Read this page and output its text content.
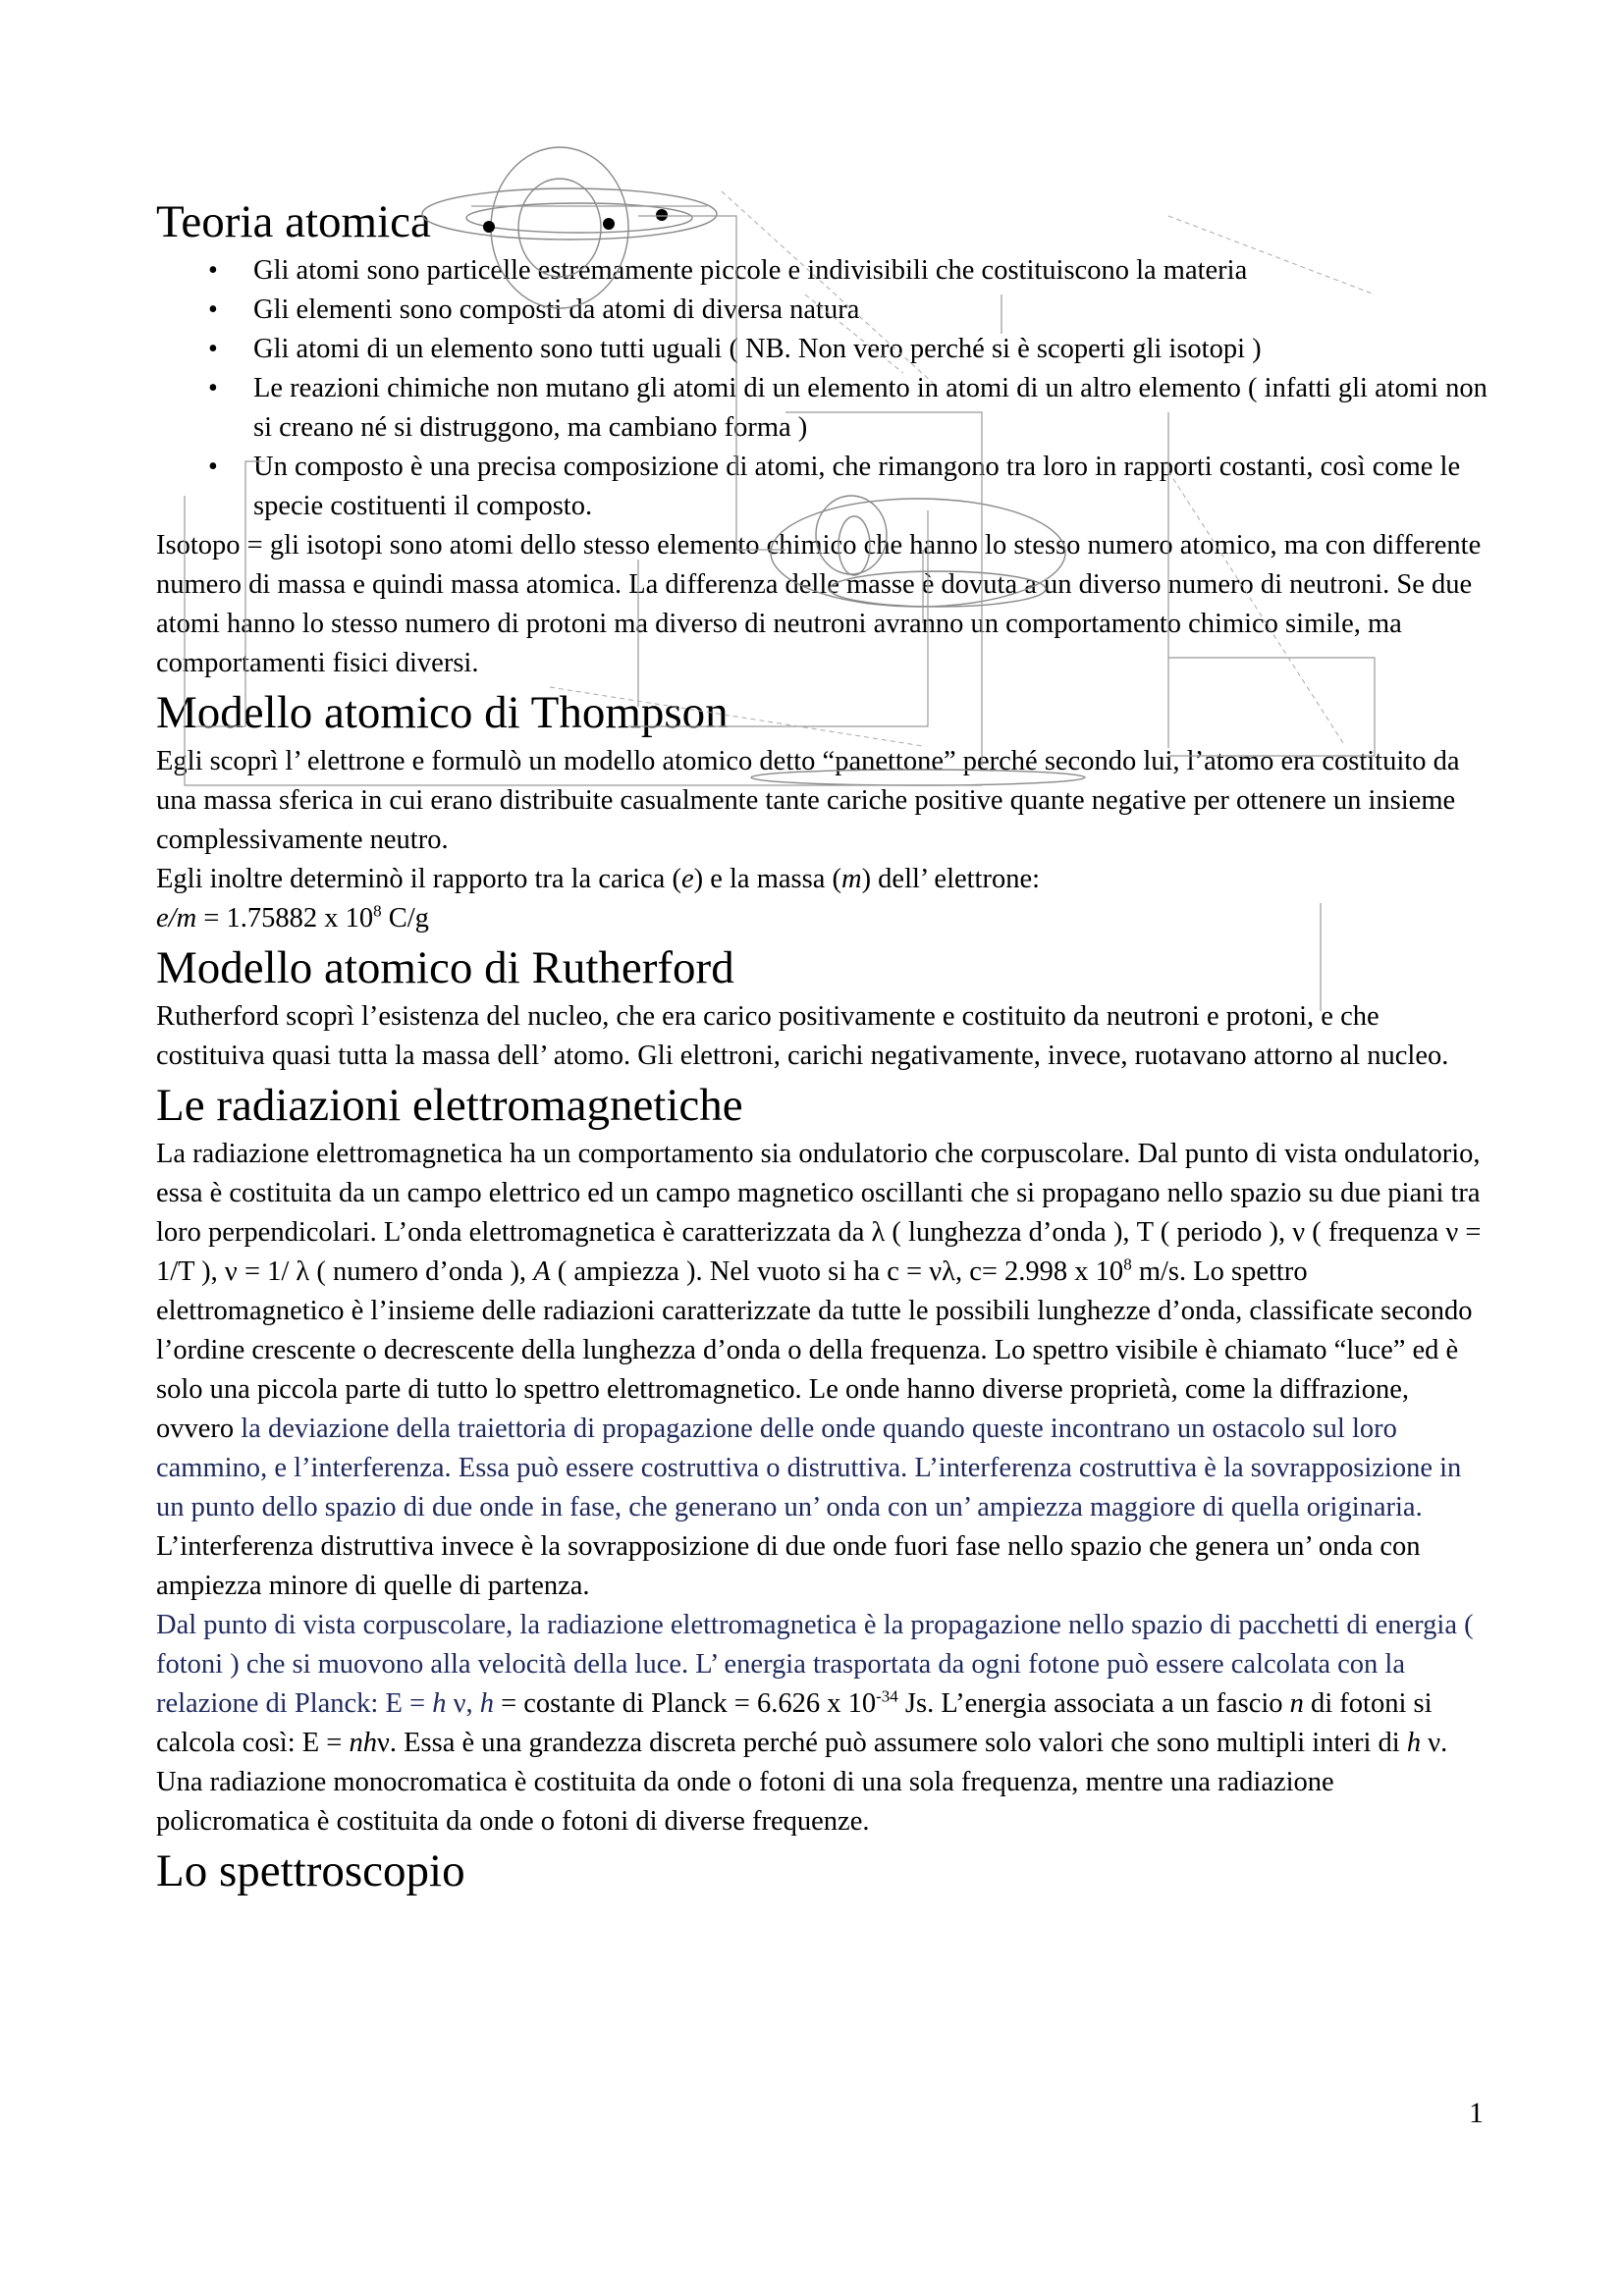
Teoria atomica
• Gli atomi sono particelle estremamente piccole e indivisibili che costituiscono la materia
• Gli elementi sono composti da atomi di diversa natura
• Gli atomi di un elemento sono tutti uguali ( NB. Non vero perché si è scoperti gli isotopi )
• Le reazioni chimiche non mutano gli atomi di un elemento in atomi di un altro elemento ( infatti gli atomi non si creano né si distruggono, ma cambiano forma )
• Un composto è una precisa composizione di atomi, che rimangono tra loro in rapporti costanti, così come le specie costituenti il composto.

Isotopo = gli isotopi sono atomi dello stesso elemento chimico che hanno lo stesso numero atomico, ma con differente numero di massa e quindi massa atomica. La differenza delle masse è dovuta a un diverso numero di neutroni. Se due atomi hanno lo stesso numero di protoni ma diverso di neutroni avranno un comportamento chimico simile, ma comportamenti fisici diversi.

Modello atomico di Thompson

Egli scoprì l’ elettrone e formulò un modello atomico detto “panettone” perché secondo lui, l’atomo era costituito da una massa sferica in cui erano distribuite casualmente tante cariche positive quante negative per ottenere un insieme complessivamente neutro.

Egli inoltre determinò il rapporto tra la carica (e) e la massa (m) dell’ elettrone:

e/m = 1.75882 x $10^8$ C/g

Modello atomico di Rutherford

Rutherford scoprì l’esistenza del nucleo, che era carico positivamente e costituito da neutroni e protoni, e che costituiva quasi tutta la massa dell’ atomo. Gli elettroni, carichi negativamente, invece, ruotavano attorno al nucleo.

Le radiazioni elettromagnetiche

La radiazione elettromagnetica ha un comportamento sia ondulatorio che corpuscolare. Dal punto di vista ondulatorio, essa è costituita da un campo elettrico ed un campo magnetico oscillanti che si propagano nello spazio su due piani tra loro perpendicolari. L’onda elettromagnetica è caratterizzata da λ ( lunghezza d’onda ), T ( periodo ), ν ( frequenza ν = 1/T ), ν = 1/ λ ( numero d’onda ), A ( ampiezza ). Nel vuoto si ha c = νλ, c= 2.998 x $10^8$ m/s. Lo spettro elettromagnetico è l’insieme delle radiazioni caratterizzate da tutte le possibili lunghezze d’onda, classificate secondo l’ordine crescente o decrescente della lunghezza d’onda o della frequenza. Lo spettro visibile è chiamato “luce” ed è solo una piccola parte di tutto lo spettro elettromagnetico. Le onde hanno diverse proprietà, come la diffrazione, ovvero la deviazione della traiettoria di propagazione delle onde quando queste incontrano un ostacolo sul loro cammino, e l’interferenza. Essa può essere costruttiva o distruttiva. L’interferenza costruttiva è la sovrapposizione in un punto dello spazio di due onde in fase, che generano un’ onda con un’ ampiezza maggiore di quella originaria.

L’interferenza distruttiva invece è la sovrapposizione di due onde fuori fase nello spazio che genera un’ onda con ampiezza minore di quelle di partenza.

Dal punto di vista corpuscolare, la radiazione elettromagnetica è la propagazione nello spazio di pacchetti di energia ( fotoni ) che si muovono alla velocità della luce. L’ energia trasportata da ogni fotone può essere calcolata con la relazione di Planck: E = h ν, h = costante di Planck = 6.626 x $10^{-34}$ Js. L’energia associata a un fascio n di fotoni si calcola così: E = nhν. Essa è una grandezza discreta perché può assumere solo valori che sono multipli interi di h ν.

Una radiazione monocromatica è costituita da onde o fotoni di una sola frequenza, mentre una radiazione policromatica è costituita da onde o fotoni di diverse frequenze.

Lo spettroscopio
1
